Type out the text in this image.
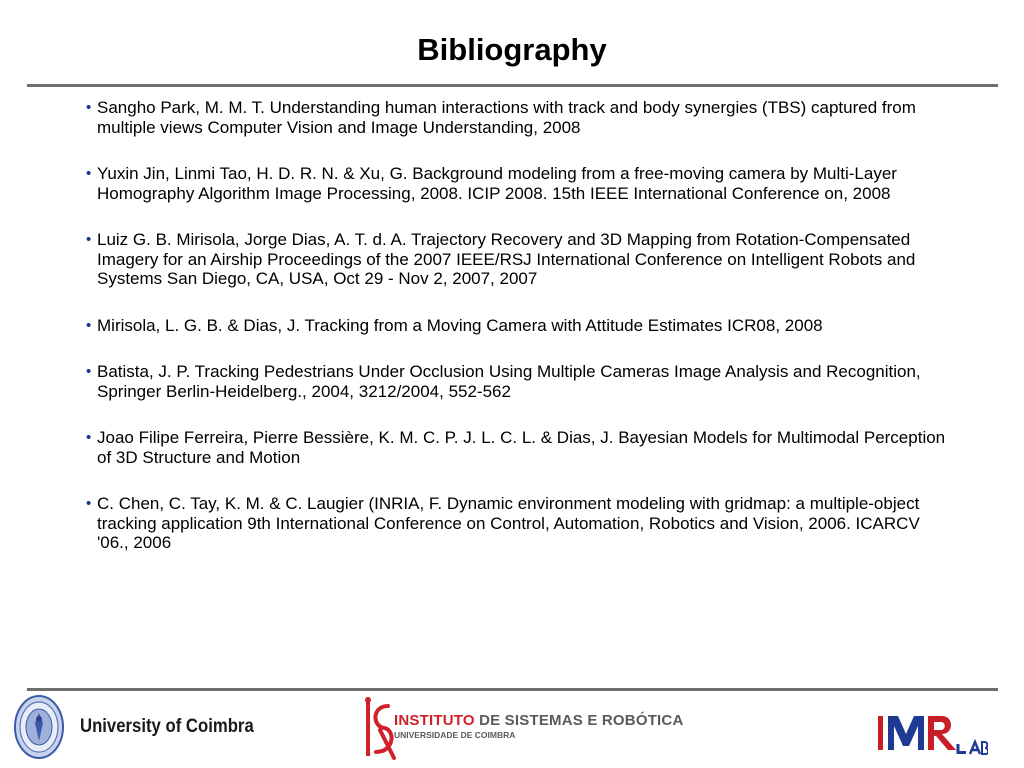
Bibliography
• Sangho Park, M. M. T. Understanding human interactions with track and body synergies (TBS) captured from multiple views Computer Vision and Image Understanding, 2008
• Yuxin Jin, Linmi Tao, H. D. R. N. & Xu, G. Background modeling from a free-moving camera by Multi-Layer Homography Algorithm Image Processing, 2008. ICIP 2008. 15th IEEE International Conference on, 2008
• Luiz G. B. Mirisola, Jorge Dias, A. T. d. A. Trajectory Recovery and 3D Mapping from Rotation-Compensated Imagery for an Airship Proceedings of the 2007 IEEE/RSJ International Conference on Intelligent Robots and Systems San Diego, CA, USA, Oct 29 - Nov 2, 2007, 2007
• Mirisola, L. G. B. & Dias, J. Tracking from a Moving Camera with Attitude Estimates ICR08, 2008
• Batista, J. P. Tracking Pedestrians Under Occlusion Using Multiple Cameras Image Analysis and Recognition, Springer Berlin-Heidelberg., 2004, 3212/2004, 552-562
• Joao Filipe Ferreira, Pierre Bessière, K. M. C. P. J. L. C. L. & Dias, J. Bayesian Models for Multimodal Perception of 3D Structure and Motion
• C. Chen, C. Tay, K. M. & C. Laugier (INRIA, F. Dynamic environment modeling with gridmap: a multiple-object tracking application 9th International Conference on Control, Automation, Robotics and Vision, 2006. ICARCV '06., 2006
University of Coimbra	INSTITUTO DE SISTEMAS E ROBÓTICA
UNIVERSIDADE DE COIMBRA
